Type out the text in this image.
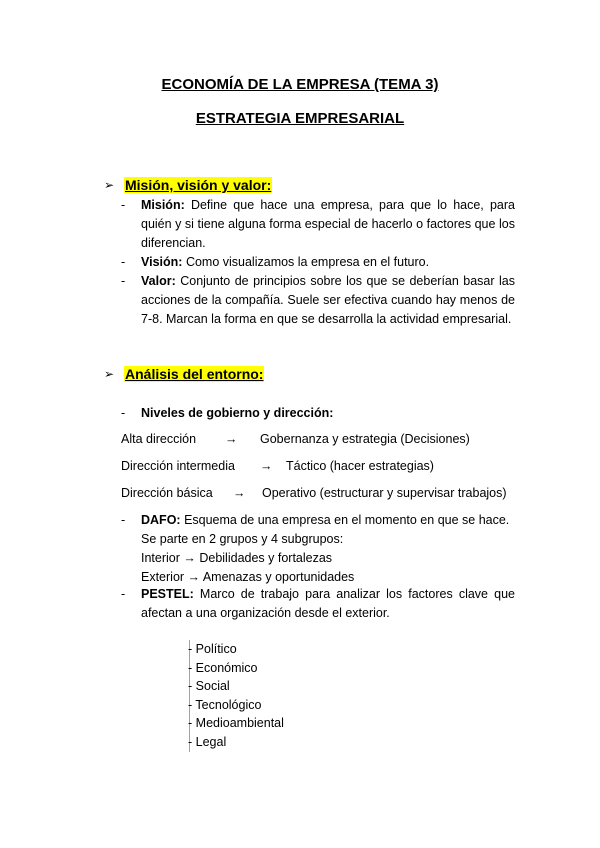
ECONOMÍA DE LA EMPRESA (TEMA 3)
ESTRATEGIA EMPRESARIAL
➢ Misión, visión y valor:
-	Misión: Define que hace una empresa, para que lo hace, para quién y si tiene alguna forma especial de hacerlo o factores que los diferencian.
-	Visión: Como visualizamos la empresa en el futuro.
-	Valor: Conjunto de principios sobre los que se deberían basar las acciones de la compañía. Suele ser efectiva cuando hay menos de 7-8. Marcan la forma en que se desarrolla la actividad empresarial.
➢ Análisis del entorno:
-	Niveles de gobierno y dirección:
Alta dirección → Gobernanza y estrategia (Decisiones)
Dirección intermedia → Táctico (hacer estrategias)
Dirección básica → Operativo (estructurar y supervisar trabajos)
-	DAFO: Esquema de una empresa en el momento en que se hace.
Se parte en 2 grupos y 4 subgrupos:
Interior → Debilidades y fortalezas
Exterior → Amenazas y oportunidades
-	PESTEL: Marco de trabajo para analizar los factores clave que afectan a una organización desde el exterior.
- Político
- Económico
- Social
- Tecnológico
- Medioambiental
- Legal
